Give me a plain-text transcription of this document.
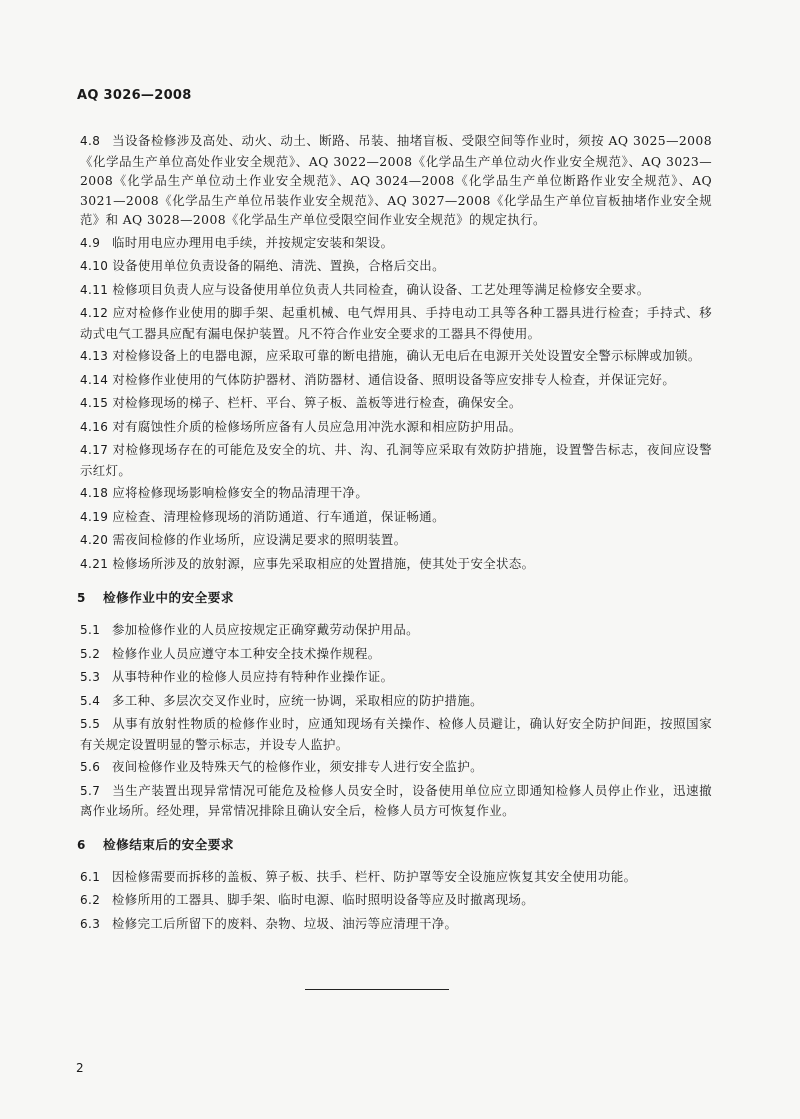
AQ 3026—2008

4.8 当设备检修涉及高处、动火、动土、断路、吊装、抽堵盲板、受限空间等作业时，须按 AQ 3025—2008《化学品生产单位高处作业安全规范》、AQ 3022—2008《化学品生产单位动火作业安全规范》、AQ 3023—2008《化学品生产单位动土作业安全规范》、AQ 3024—2008《化学品生产单位断路作业安全规范》、AQ 3021—2008《化学品生产单位吊装作业安全规范》、AQ 3027—2008《化学品生产单位盲板抽堵作业安全规范》和 AQ 3028—2008《化学品生产单位受限空间作业安全规范》的规定执行。

4.9 临时用电应办理用电手续，并按规定安装和架设。

4.10 设备使用单位负责设备的隔绝、清洗、置换，合格后交出。

4.11 检修项目负责人应与设备使用单位负责人共同检查，确认设备、工艺处理等满足检修安全要求。

4.12 应对检修作业使用的脚手架、起重机械、电气焊用具、手持电动工具等各种工器具进行检查；手持式、移动式电气工器具应配有漏电保护装置。凡不符合作业安全要求的工器具不得使用。

4.13 对检修设备上的电器电源，应采取可靠的断电措施，确认无电后在电源开关处设置安全警示标牌或加锁。

4.14 对检修作业使用的气体防护器材、消防器材、通信设备、照明设备等应安排专人检查，并保证完好。

4.15 对检修现场的梯子、栏杆、平台、箅子板、盖板等进行检查，确保安全。

4.16 对有腐蚀性介质的检修场所应备有人员应急用冲洗水源和相应防护用品。

4.17 对检修现场存在的可能危及安全的坑、井、沟、孔洞等应采取有效防护措施，设置警告标志，夜间应设警示红灯。

4.18 应将检修现场影响检修安全的物品清理干净。

4.19 应检查、清理检修现场的消防通道、行车通道，保证畅通。

4.20 需夜间检修的作业场所，应设满足要求的照明装置。

4.21 检修场所涉及的放射源，应事先采取相应的处置措施，使其处于安全状态。

5 检修作业中的安全要求

5.1 参加检修作业的人员应按规定正确穿戴劳动保护用品。

5.2 检修作业人员应遵守本工种安全技术操作规程。

5.3 从事特种作业的检修人员应持有特种作业操作证。

5.4 多工种、多层次交叉作业时，应统一协调，采取相应的防护措施。

5.5 从事有放射性物质的检修作业时，应通知现场有关操作、检修人员避让，确认好安全防护间距，按照国家有关规定设置明显的警示标志，并设专人监护。

5.6 夜间检修作业及特殊天气的检修作业，须安排专人进行安全监护。

5.7 当生产装置出现异常情况可能危及检修人员安全时，设备使用单位应立即通知检修人员停止作业，迅速撤离作业场所。经处理，异常情况排除且确认安全后，检修人员方可恢复作业。

6 检修结束后的安全要求

6.1 因检修需要而拆移的盖板、箅子板、扶手、栏杆、防护罩等安全设施应恢复其安全使用功能。

6.2 检修所用的工器具、脚手架、临时电源、临时照明设备等应及时撤离现场。

6.3 检修完工后所留下的废料、杂物、垃圾、油污等应清理干净。

2
